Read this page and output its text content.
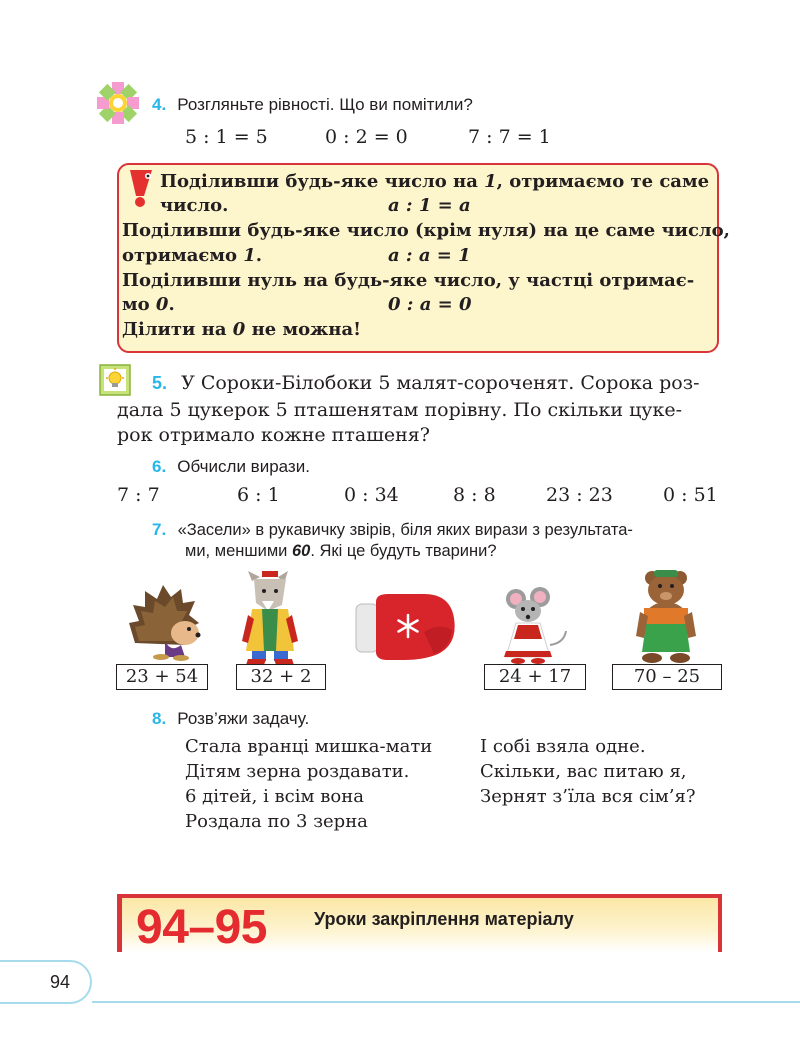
4. Розгляньте рівності. Що ви помітили?
5 : 1 = 5	0 : 2 = 0	7 : 7 = 1
Поділивши будь-яке число на 1, отримаємо те саме
число.	a : 1 = a
Поділивши будь-яке число (крім нуля) на це саме число,
отримаємо 1.	a : a = 1
Поділивши нуль на будь-яке число, у частці отримає-
мо 0.	0 : a = 0
Ділити на 0 не можна!
5. У Сороки-Білобоки 5 малят-сороченят. Сорока роз-
дала 5 цукерок 5 пташенятам порівну. По скільки цуке-
рок отримало кожне пташеня?
6. Обчисли вирази.
7 : 7	6 : 1	0 : 34	8 : 8	23 : 23	0 : 51
7. «Засели» в рукавичку звірів, біля яких вирази з результата-
ми, меншими 60. Які це будуть тварини?
23 + 54	32 + 2	24 + 17	70 – 25
8. Розв’яжи задачу.
Стала вранці мишка-мати
Дітям зерна роздавати.
6 дітей, і всім вона
Роздала по 3 зерна
І собі взяла одне.
Скільки, вас питаю я,
Зернят з’їла вся сім’я?
94–95	Уроки закріплення матеріалу
94
